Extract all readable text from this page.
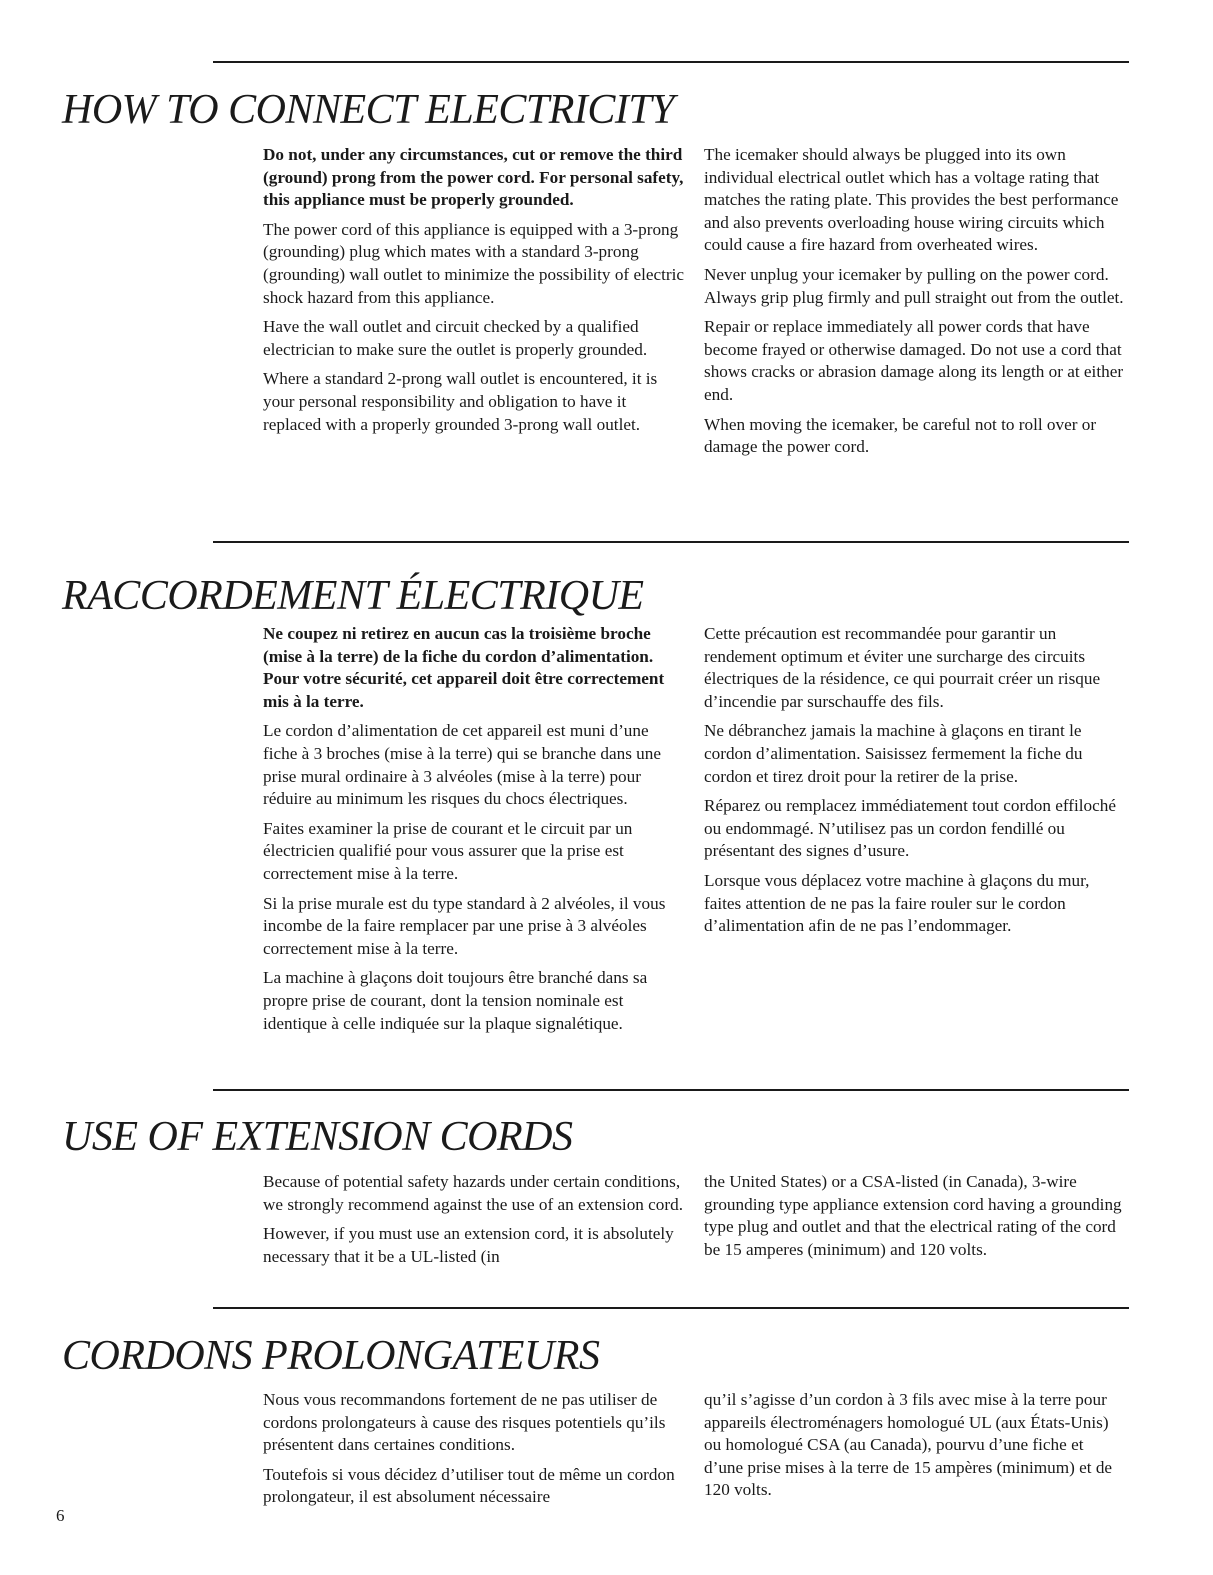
HOW TO CONNECT ELECTRICITY

Do not, under any circumstances, cut or remove the third (ground) prong from the power cord. For personal safety, this appliance must be properly grounded.

The power cord of this appliance is equipped with a 3-prong (grounding) plug which mates with a standard 3-prong (grounding) wall outlet to minimize the possibility of electric shock hazard from this appliance.

Have the wall outlet and circuit checked by a qualified electrician to make sure the outlet is properly grounded.

Where a standard 2-prong wall outlet is encountered, it is your personal responsibility and obligation to have it replaced with a properly grounded 3-prong wall outlet.

The icemaker should always be plugged into its own individual electrical outlet which has a voltage rating that matches the rating plate. This provides the best performance and also prevents overloading house wiring circuits which could cause a fire hazard from overheated wires.

Never unplug your icemaker by pulling on the power cord. Always grip plug firmly and pull straight out from the outlet.

Repair or replace immediately all power cords that have become frayed or otherwise damaged. Do not use a cord that shows cracks or abrasion damage along its length or at either end.

When moving the icemaker, be careful not to roll over or damage the power cord.

RACCORDEMENT ÉLECTRIQUE

Ne coupez ni retirez en aucun cas la troisième broche (mise à la terre) de la fiche du cordon d’alimentation. Pour votre sécurité, cet appareil doit être correctement mis à la terre.

Le cordon d’alimentation de cet appareil est muni d’une fiche à 3 broches (mise à la terre) qui se branche dans une prise mural ordinaire à 3 alvéoles (mise à la terre) pour réduire au minimum les risques du chocs électriques.

Faites examiner la prise de courant et le circuit par un électricien qualifié pour vous assurer que la prise est correctement mise à la terre.

Si la prise murale est du type standard à 2 alvéoles, il vous incombe de la faire remplacer par une prise à 3 alvéoles correctement mise à la terre.

La machine à glaçons doit toujours être branché dans sa propre prise de courant, dont la tension nominale est identique à celle indiquée sur la plaque signalétique.

Cette précaution est recommandée pour garantir un rendement optimum et éviter une surcharge des circuits électriques de la résidence, ce qui pourrait créer un risque d’incendie par surschauffe des fils.

Ne débranchez jamais la machine à glaçons en tirant le cordon d’alimentation. Saisissez fermement la fiche du cordon et tirez droit pour la retirer de la prise.

Réparez ou remplacez immédiatement tout cordon effiloché ou endommagé. N’utilisez pas un cordon fendillé ou présentant des signes d’usure.

Lorsque vous déplacez votre machine à glaçons du mur, faites attention de ne pas la faire rouler sur le cordon d’alimentation afin de ne pas l’endommager.

USE OF EXTENSION CORDS

Because of potential safety hazards under certain conditions, we strongly recommend against the use of an extension cord.

However, if you must use an extension cord, it is absolutely necessary that it be a UL-listed (in

the United States) or a CSA-listed (in Canada), 3-wire grounding type appliance extension cord having a grounding type plug and outlet and that the electrical rating of the cord be 15 amperes (minimum) and 120 volts.

CORDONS PROLONGATEURS

Nous vous recommandons fortement de ne pas utiliser de cordons prolongateurs à cause des risques potentiels qu’ils présentent dans certaines conditions.

Toutefois si vous décidez d’utiliser tout de même un cordon prolongateur, il est absolument nécessaire

qu’il s’agisse d’un cordon à 3 fils avec mise à la terre pour appareils électroménagers homologué UL (aux États-Unis) ou homologué CSA (au Canada), pourvu d’une fiche et d’une prise mises à la terre de 15 ampères (minimum) et de 120 volts.

6
